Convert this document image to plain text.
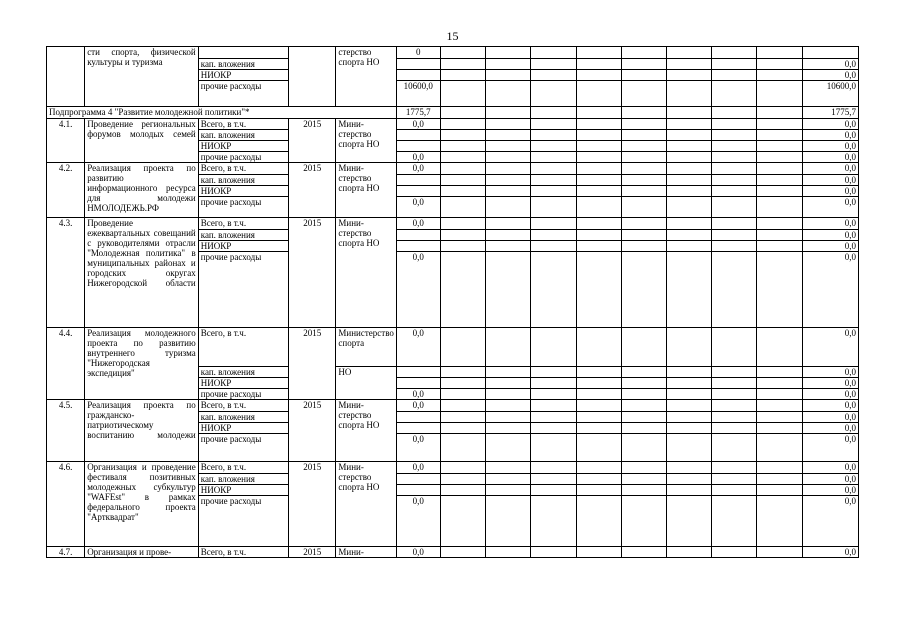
15
	сти спорта, физической культуры и туризма			стерство спорта НО	0									
		кап. вложения												0,0
		НИОКР												0,0
		прочие расходы			10600,0									10600,0
Подпрограмма 4 "Развитие молодежной политики"*					1775,7									1775,7
4.1.	Проведение региональных форумов молодых семей	Всего, в т.ч.	2015	Мини-стерство спорта НО	0,0									0,0
		кап. вложения												0,0
		НИОКР												0,0
		прочие расходы			0,0									0,0
4.2.	Реализация проекта по развитию информационного ресурса для молодежи НМОЛОДЕЖЬ.РФ	Всего, в т.ч.	2015	Мини-стерство спорта НО	0,0									0,0
		кап. вложения												0,0
		НИОКР												0,0
		прочие расходы			0,0									0,0
4.3.	Проведение ежеквартальных совещаний с руководителями отрасли "Молодежная политика" в муниципальных районах и городских округах Нижегородской области	Всего, в т.ч.	2015	Мини-стерство спорта НО	0,0									0,0
		кап. вложения												0,0
		НИОКР												0,0
		прочие расходы			0,0									0,0
4.4.	Реализация молодежного проекта по развитию внутреннего туризма "Нижегородская экспедиция"	Всего, в т.ч.	2015	Министерство спорта	0,0									0,0
		кап. вложения		НО										0,0
		НИОКР												0,0
		прочие расходы			0,0									0,0
4.5.	Реализация проекта по гражданско-патриотическому воспитанию молодежи	Всего, в т.ч.	2015	Мини-стерство спорта НО	0,0									0,0
		кап. вложения												0,0
		НИОКР												0,0
		прочие расходы			0,0									0,0
4.6.	Организация и проведение фестиваля позитивных молодежных субкультур "WAFEst" в рамках федерального проекта "Артквадрат"	Всего, в т.ч.	2015	Мини-стерство спорта НО	0,0									0,0
		кап. вложения												0,0
		НИОКР												0,0
		прочие расходы			0,0									0,0
4.7.	Организация и прове-	Всего, в т.ч.	2015	Мини-	0,0									0,0
